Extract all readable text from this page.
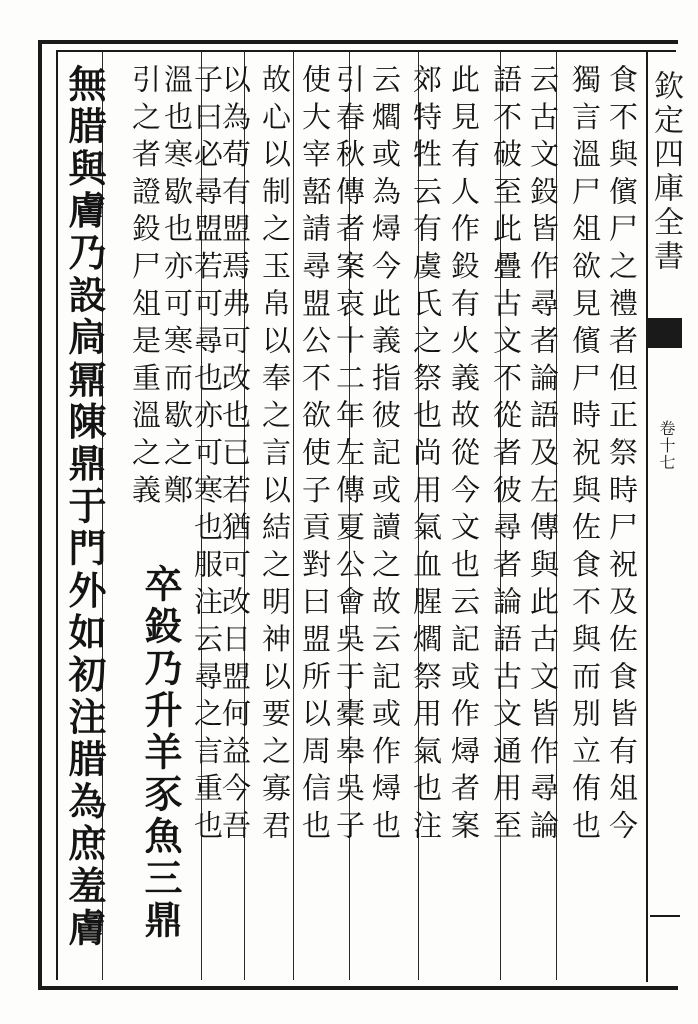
欽定四庫全書
卷十七
食不與儐尸之禮者但正祭時尸祝及佐食皆有俎今
獨言溫尸俎欲見儐尸時祝與佐食不與而別立侑也
云古文鈠皆作尋者論語及左傳與此古文皆作尋論
語不破至此疊古文不從者彼尋者論語古文通用至
此見有人作鈠有火義故從今文也云記或作燖者案
郊特牲云有虞氏之祭也尚用氣血腥爓祭用氣也注
云爓或為燖今此義指彼記或讀之故云記或作燖也
引春秋傳者案哀十二年左傳夏公會吳于橐皋吳子
使大宰嚭請尋盟公不欲使子貢對曰盟所以周信也
故心以制之玉帛以奉之言以結之明神以要之寡君
以為苟有盟焉弗可改也已若猶可改日盟何益今吾
子曰必尋盟若可尋也亦可寒也服注云尋之言重也
溫也寒歇也亦可寒而歇之鄭
卒鈠乃升羊豕魚三鼎
引之者證鈠尸俎是重溫之義
無腊與膚乃設扃鼏陳鼎于門外如初注腊為庶羞膚
